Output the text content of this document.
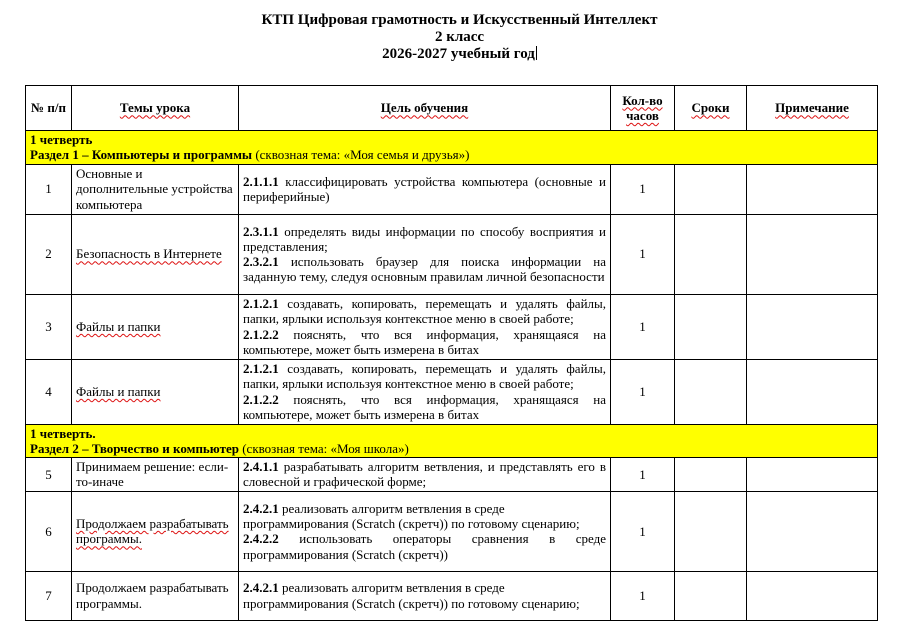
КТП Цифровая грамотность и Искусственный Интеллект
2 класс
2026-2027 учебный год
№ п/п	Темы урока	Цель обучения	Кол-во часов	Сроки	Примечание

1 четверть
Раздел 1 – Компьютеры и программы (сквозная тема: «Моя семья и друзья»)					

1	Основные и дополнительные устройства компьютера	2.1.1.1 классифицировать устройства компьютера (основные и периферийные)	1		
2	Безопасность в Интернете	2.3.1.1 определять виды информации по способу восприятия и представления;

2.3.2.1 использовать браузер для поиска информации на заданную тему, следуя основным правилам личной безопасности	1		
3	Файлы и папки	2.1.2.1 создавать, копировать, перемещать и удалять файлы, папки, ярлыки используя контекстное меню в своей работе;

2.1.2.2 пояснять, что вся информация, хранящаяся на компьютере, может быть измерена в битах	1		
4	Файлы и папки	2.1.2.1 создавать, копировать, перемещать и удалять файлы, папки, ярлыки используя контекстное меню в своей работе;

2.1.2.2 пояснять, что вся информация, хранящаяся на компьютере, может быть измерена в битах	1		

1 четверть.
Раздел 2 – Творчество и компьютер (сквозная тема: «Моя школа»)					

5	Принимаем решение: если-то-иначе	2.4.1.1 разрабатывать алгоритм ветвления, и представлять его в словесной и графической форме;	1		
6	Продолжаем разрабатывать программы.	2.4.2.1 реализовать алгоритм ветвления в среде программирования (Scratch (скретч)) по готовому сценарию;

2.4.2.2 использовать операторы сравнения в среде программирования (Scratch (скретч))	1		
7	Продолжаем разрабатывать программы.	2.4.2.1 реализовать алгоритм ветвления в среде программирования (Scratch (скретч)) по готовому сценарию;	1		
